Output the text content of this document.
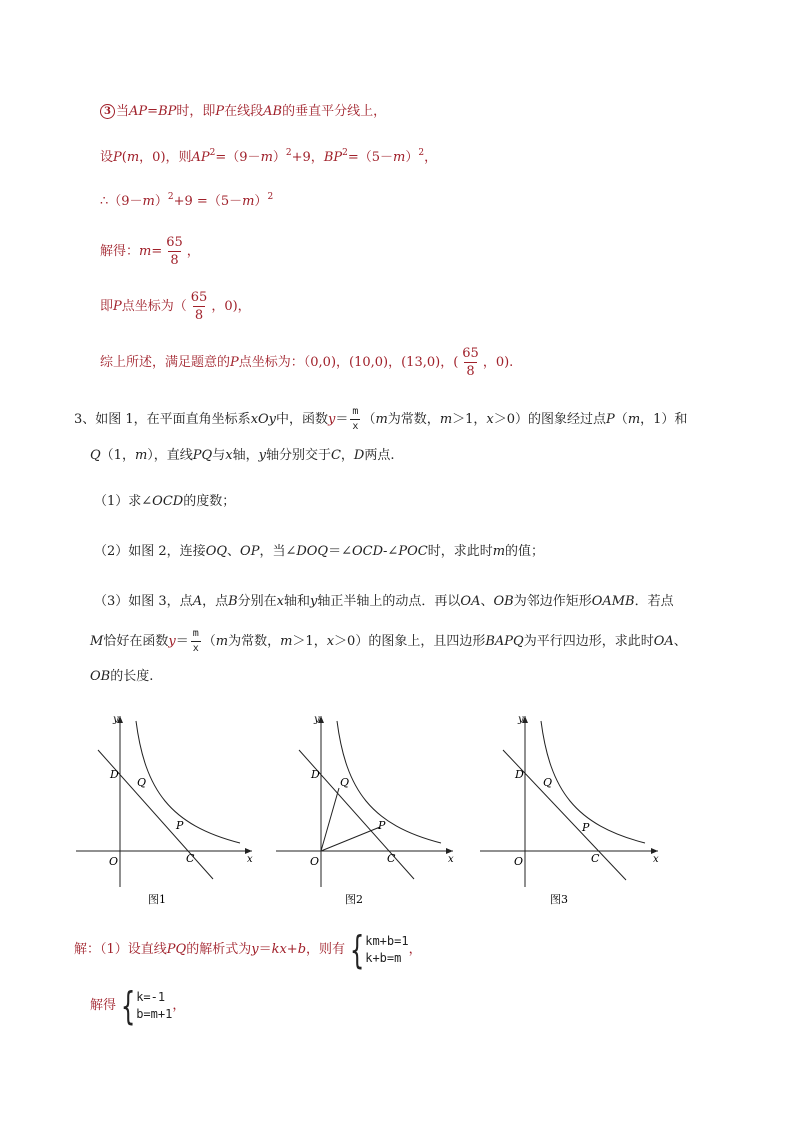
3 当AP=BP时，即P在线段AB的垂直平分线上，
设P(m，0)，则$AP^2=(9-m)^2+9$，$BP^2=(5-m)^2$，
$\therefore(9-m)^2+9 =(5-m)^2$
解得：$m= \frac{65}{8}$ ，
即P点坐标为（ $\frac{65}{8}$ ，0)，
综上所述，满足题意的P点坐标为：（0,0)，(10,0)，(13,0)，( $\frac{65}{8}$ ，0).
3、如图 1，在平面直角坐标系xOy中，函数$y= \frac{m}{x} (m$为常数，m＞1，x＞0）的图象经过点P（m，1）和
Q（1，m），直线PQ与x轴，y轴分别交于C，D两点.
（1）求∠OCD的度数；
（2）如图 2，连接OQ、OP，当∠DOQ＝∠OCD-∠POC时，求此时m的值；
（3）如图 3，点A，点B分别在x轴和y轴正半轴上的动点．再以OA、OB为邻边作矩形OAMB．若点
M恰好在函数$y= \frac{m}{x} (m$为常数，m＞1，x＞0）的图象上，且四边形BAPQ为平行四边形，求此时OA、
OB的长度.
y
x
O
D
Q
P
C
图1
y
x
O
D
Q
P
C
图2
y
x
O
D
Q
P
C
图3
解：（1）设直线PQ的解析式为y＝kx+b，则有 { km+b=1
k+b=m
，
解得 { k=-1
b=m+1
，
